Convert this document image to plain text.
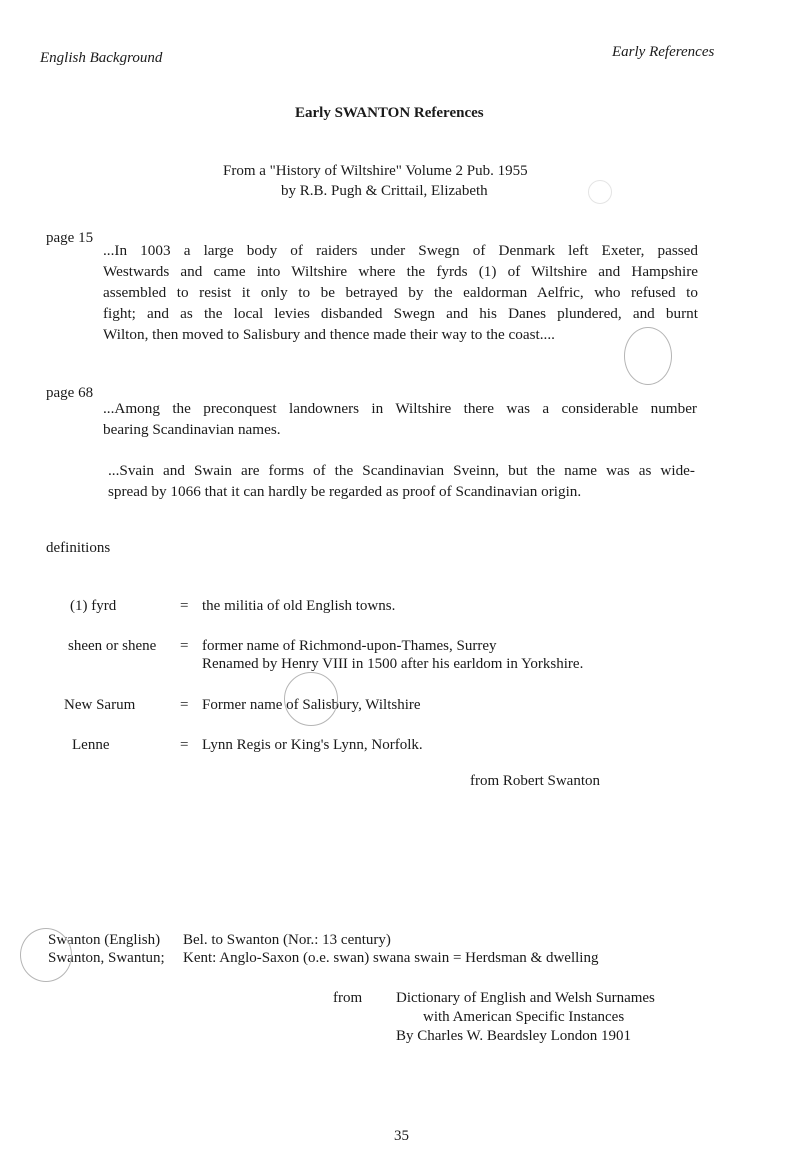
English Background	Early References
Early SWANTON References
From a "History of Wiltshire" Volume 2 Pub. 1955
by R.B. Pugh & Crittail, Elizabeth
page 15
...In 1003 a large body of raiders under Swegn of Denmark left Exeter, passed
Westwards and came into Wiltshire where the fyrds (1) of Wiltshire and Hampshire
assembled to resist it only to be betrayed by the ealdorman Aelfric, who refused to
fight; and as the local levies disbanded Swegn and his Danes plundered, and burnt
Wilton, then moved to Salisbury and thence made their way to the coast....
page 68
...Among the preconquest landowners in Wiltshire there was a considerable number
bearing Scandinavian names.
...Svain and Swain are forms of the Scandinavian Sveinn, but the name was as wide-
spread by 1066 that it can hardly be regarded as proof of Scandinavian origin.
definitions
(1) fyrd	= the militia of old English towns.
sheen or shene = former name of Richmond-upon-Thames, Surrey
Renamed by Henry VIII in 1500 after his earldom in Yorkshire.
New Sarum	= Former name of Salisbury, Wiltshire
Lenne	= Lynn Regis or King's Lynn, Norfolk.
from Robert Swanton
Swanton (English) Bel. to Swanton (Nor.: 13 century)
Swanton, Swantun; Kent: Anglo-Saxon (o.e. swan) swana swain = Herdsman & dwelling
from Dictionary of English and Welsh Surnames
with American Specific Instances
By Charles W. Beardsley London 1901
35
